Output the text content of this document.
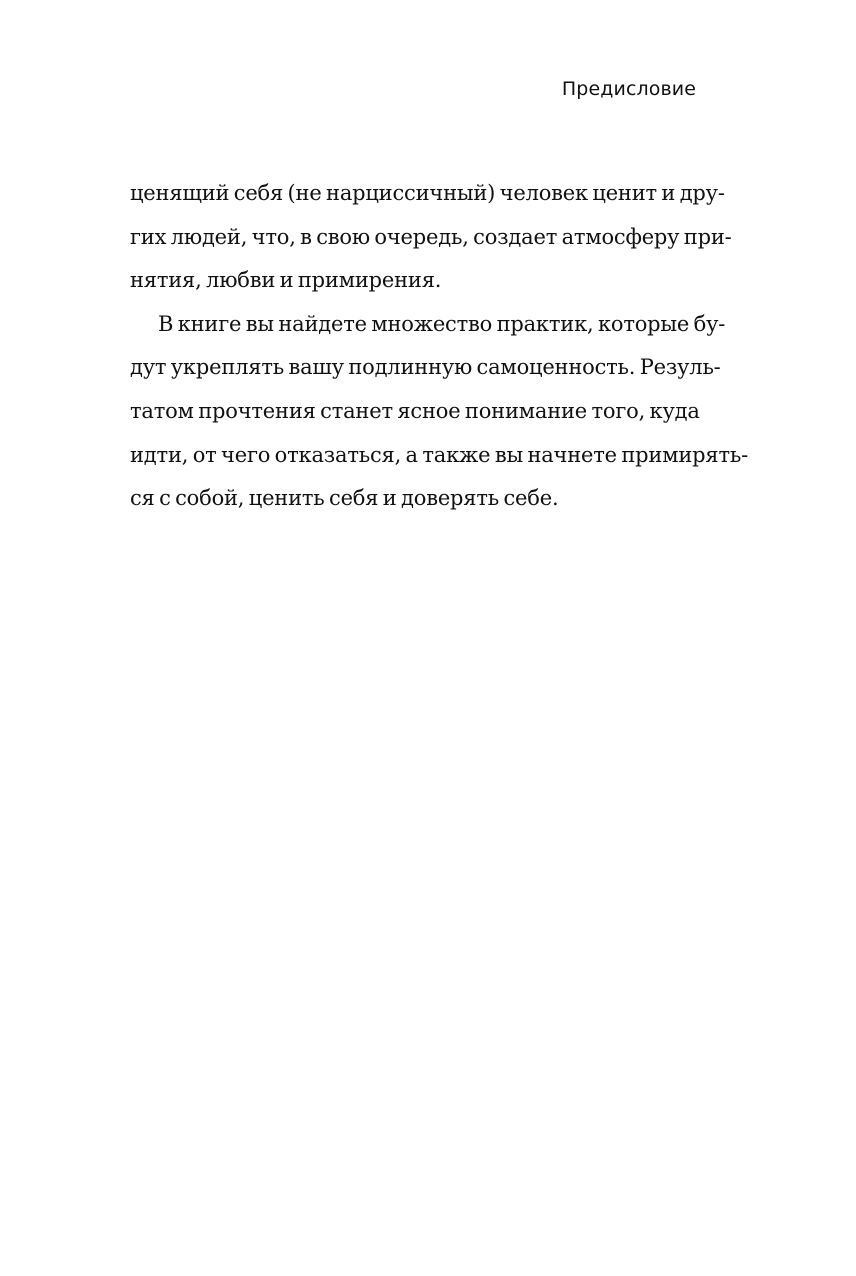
Предисловие
ценящий себя (не нарциссичный) человек ценит и дру-
гих людей, что, в свою очередь, создает атмосферу при-
нятия, любви и примирения.
В книге вы найдете множество практик, которые бу-
дут укреплять вашу подлинную самоценность. Резуль-
татом прочтения станет ясное понимание того, куда
идти, от чего отказаться, а также вы начнете примирять-
ся с собой, ценить себя и доверять себе.
